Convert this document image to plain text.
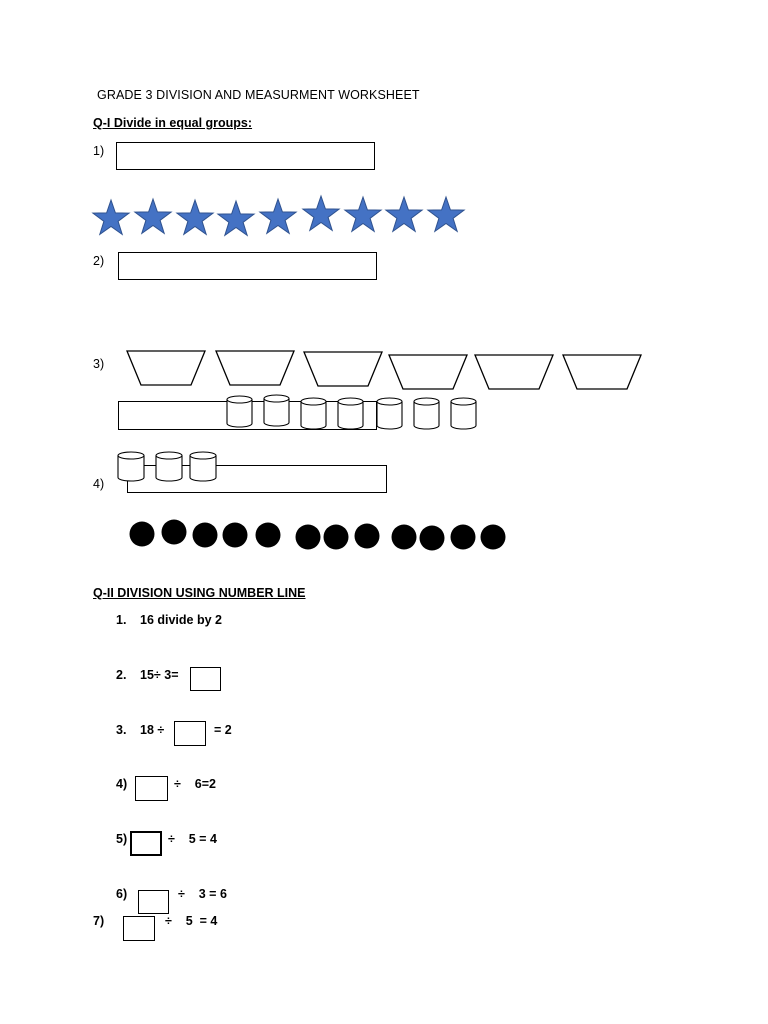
GRADE 3 DIVISION AND MEASURMENT WORKSHEET
Q-I Divide in equal groups:
1)
2)
3)
4)
Q-II DIVISION USING NUMBER LINE
1. 16 divide by 2
2. 15÷ 3=
3. 18 ÷	= 2
4)	÷    6=2
5)	÷    5 = 4
6)	÷    3 = 6
7)	÷    5  = 4
